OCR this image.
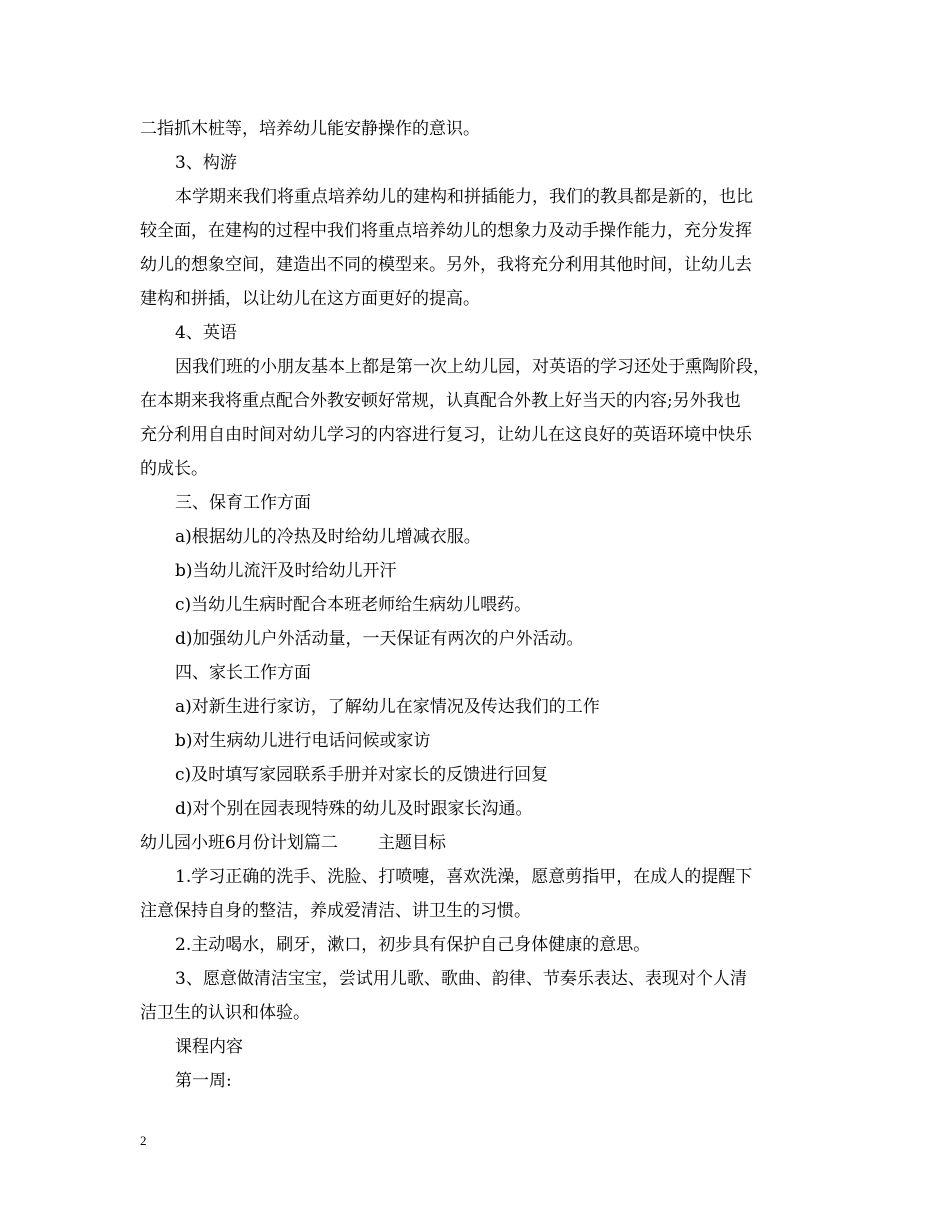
二指抓木桩等，培养幼儿能安静操作的意识。
3、构游
本学期来我们将重点培养幼儿的建构和拼插能力，我们的教具都是新的，也比
较全面，在建构的过程中我们将重点培养幼儿的想象力及动手操作能力，充分发挥
幼儿的想象空间，建造出不同的模型来。另外，我将充分利用其他时间，让幼儿去
建构和拼插，以让幼儿在这方面更好的提高。
4、英语
因我们班的小朋友基本上都是第一次上幼儿园，对英语的学习还处于熏陶阶段，
在本期来我将重点配合外教安顿好常规，认真配合外教上好当天的内容;另外我也
充分利用自由时间对幼儿学习的内容进行复习，让幼儿在这良好的英语环境中快乐
的成长。
三、保育工作方面
a)根据幼儿的冷热及时给幼儿增减衣服。
b)当幼儿流汗及时给幼儿开汗
c)当幼儿生病时配合本班老师给生病幼儿喂药。
d)加强幼儿户外活动量，一天保证有两次的户外活动。
四、家长工作方面
a)对新生进行家访，了解幼儿在家情况及传达我们的工作
b)对生病幼儿进行电话问候或家访
c)及时填写家园联系手册并对家长的反馈进行回复
d)对个别在园表现特殊的幼儿及时跟家长沟通。
幼儿园小班6月份计划篇二 主题目标
1.学习正确的洗手、洗脸、打喷嚏，喜欢洗澡，愿意剪指甲，在成人的提醒下
注意保持自身的整洁，养成爱清洁、讲卫生的习惯。
2.主动喝水，刷牙，漱口，初步具有保护自己身体健康的意思。
3、愿意做清洁宝宝，尝试用儿歌、歌曲、韵律、节奏乐表达、表现对个人清
洁卫生的认识和体验。
课程内容
第一周:
2
